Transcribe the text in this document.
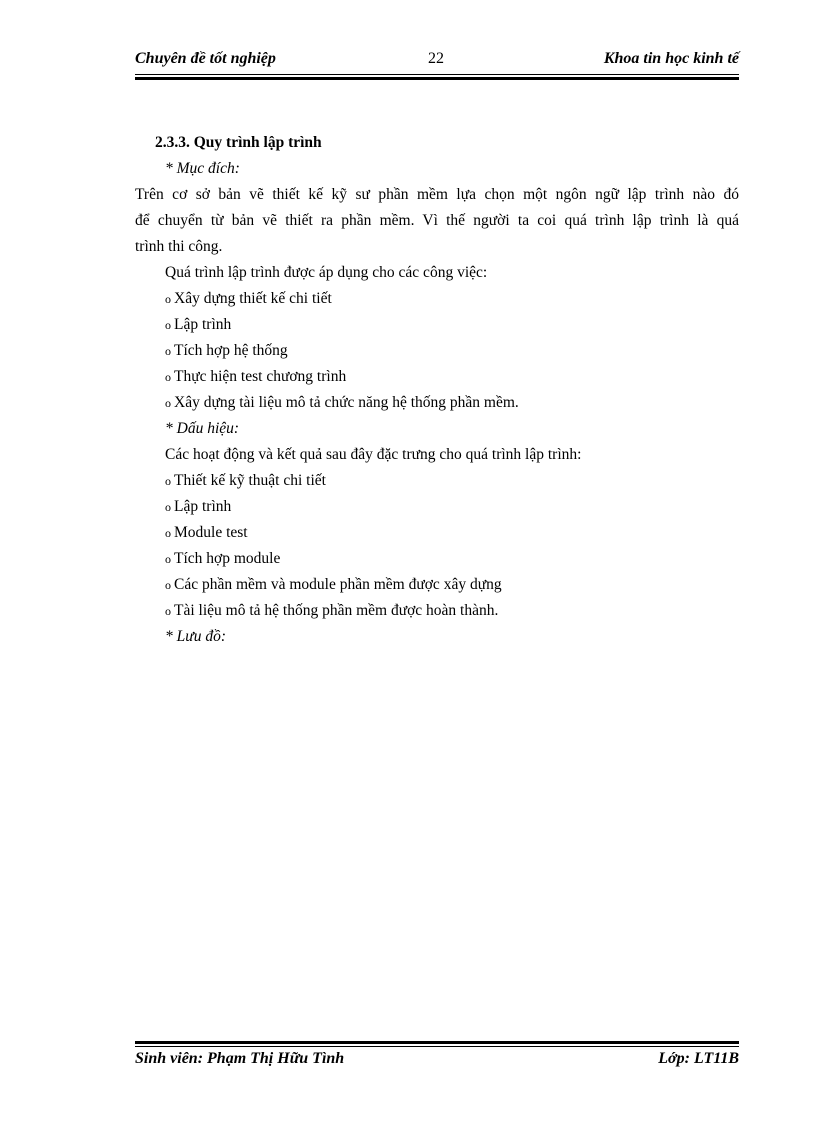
Chuyên đề tốt nghiệp	22	Khoa tin học kinh tế
2.3.3. Quy trình lập trình
* Mục đích:
Trên cơ sở bản vẽ thiết kế kỹ sư phần mềm lựa chọn một ngôn ngữ lập trình nào đó
để chuyển từ bản vẽ thiết ra phần mềm. Vì thế người ta coi quá trình lập trình là quá
trình thi công.
Quá trình lập trình được áp dụng cho các công việc:
o Xây dựng thiết kế chi tiết
o Lập trình
o Tích hợp hệ thống
o Thực hiện test chương trình
o Xây dựng tài liệu mô tả chức năng hệ thống phần mềm.
* Dấu hiệu:
Các hoạt động và kết quả sau đây đặc trưng cho quá trình lập trình:
o Thiết kế kỹ thuật chi tiết
o Lập trình
o Module test
o Tích hợp module
o Các phần mềm và module phần mềm được xây dựng
o Tài liệu mô tả hệ thống phần mềm được hoàn thành.
* Lưu đồ:
Sinh viên: Phạm Thị Hữu Tình	Lớp: LT11B
